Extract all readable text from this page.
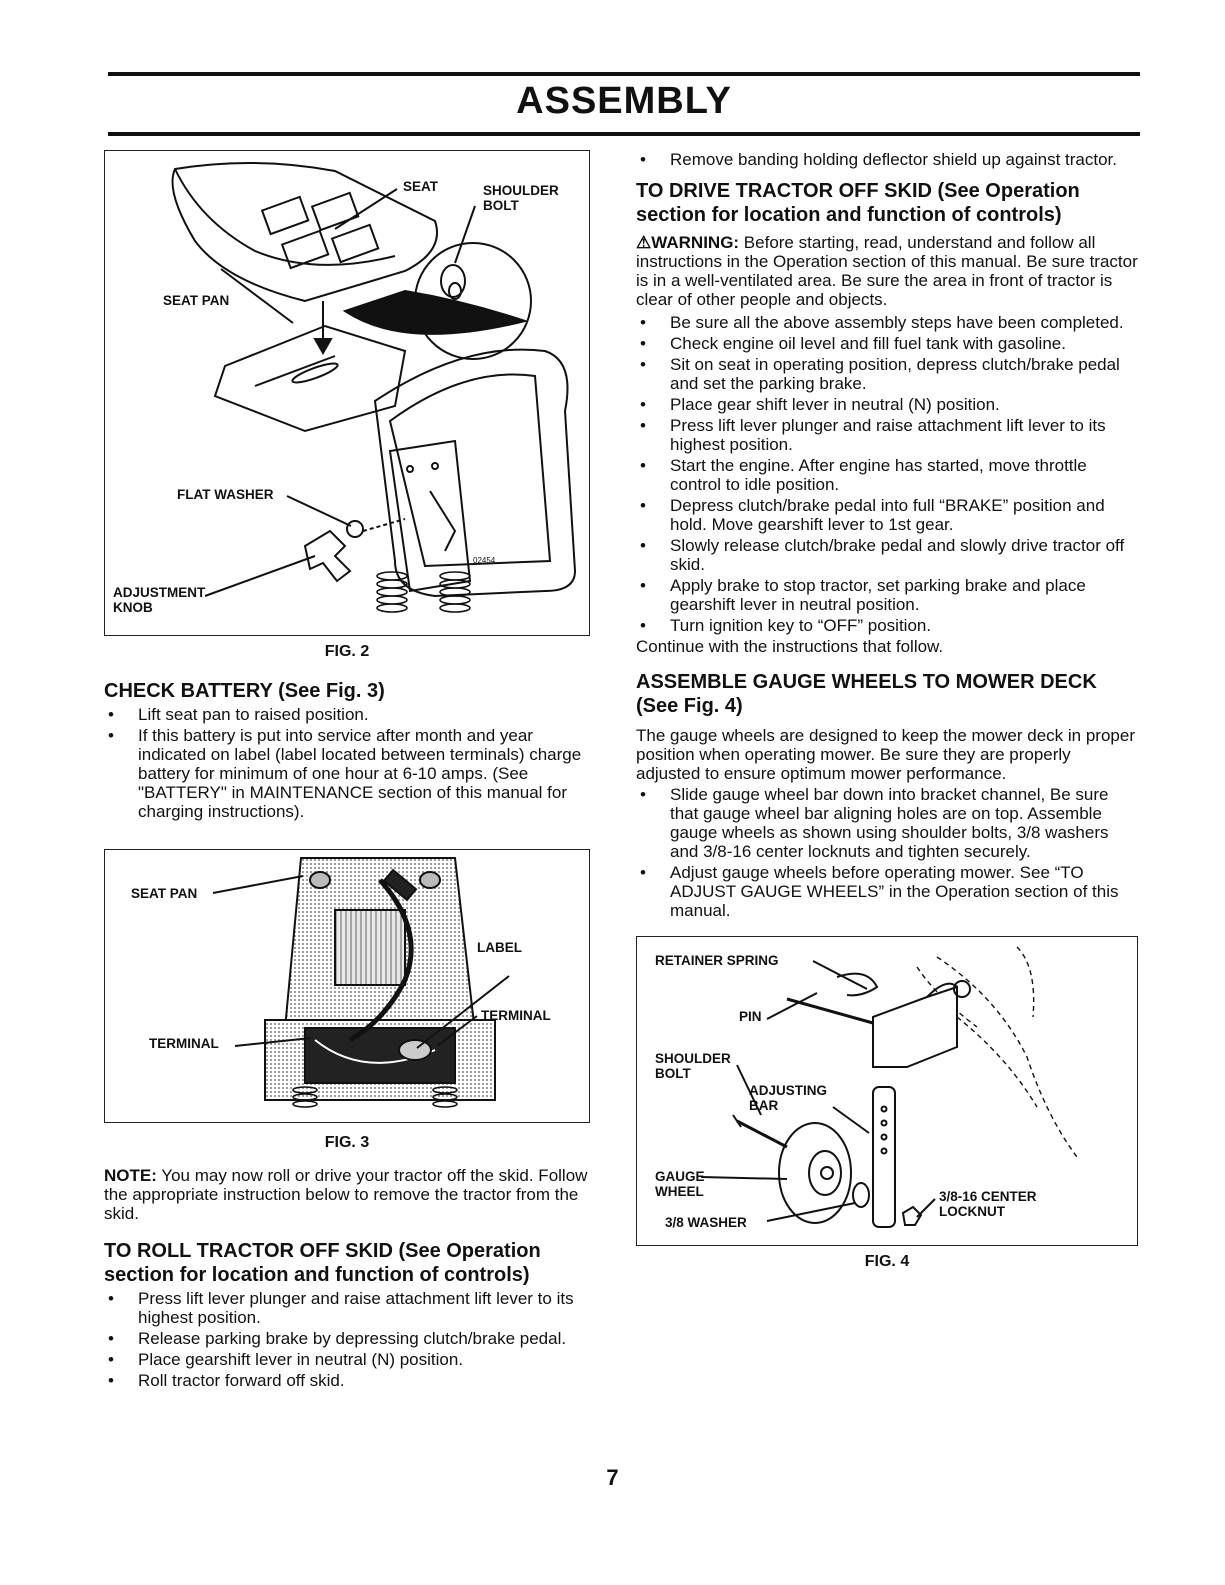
ASSEMBLY
SEAT	SHOULDER
BOLT
SEAT PAN
FLAT WASHER
ADJUSTMENT
KNOB
02454

FIG. 2

CHECK BATTERY (See Fig. 3)
• Lift seat pan to raised position.
• If this battery is put into service after month and year indicated on label (label located between terminals) charge battery for minimum of one hour at 6-10 amps. (See "BATTERY" in MAINTENANCE section of this manual for charging instructions).
SEAT PAN
LABEL
TERMINAL
TERMINAL

FIG. 3

NOTE: You may now roll or drive your tractor off the skid. Follow the appropriate instruction below to remove the tractor from the skid.

TO ROLL TRACTOR OFF SKID (See Operation section for location and function of controls)
• Press lift lever plunger and raise attachment lift lever to its highest position.
• Release parking brake by depressing clutch/brake pedal.
• Place gearshift lever in neutral (N) position.
• Roll tractor forward off skid.
• Remove banding holding deflector shield up against tractor.
TO DRIVE TRACTOR OFF SKID (See Operation section for location and function of controls)

⚠WARNING: Before starting, read, understand and follow all instructions in the Operation section of this manual. Be sure tractor is in a well-ventilated area. Be sure the area in front of tractor is clear of other people and objects.

• Be sure all the above assembly steps have been completed.
• Check engine oil level and fill fuel tank with gasoline.
• Sit on seat in operating position, depress clutch/brake pedal and set the parking brake.
• Place gear shift lever in neutral (N) position.
• Press lift lever plunger and raise attachment lift lever to its highest position.
• Start the engine. After engine has started, move throttle control to idle position.
• Depress clutch/brake pedal into full “BRAKE” position and hold. Move gearshift lever to 1st gear.
• Slowly release clutch/brake pedal and slowly drive tractor off skid.
• Apply brake to stop tractor, set parking brake and place gearshift lever in neutral position.
• Turn ignition key to “OFF” position.

Continue with the instructions that follow.

ASSEMBLE GAUGE WHEELS TO MOWER DECK (See Fig. 4)

The gauge wheels are designed to keep the mower deck in proper position when operating mower. Be sure they are properly adjusted to ensure optimum mower performance.

• Slide gauge wheel bar down into bracket channel, Be sure that gauge wheel bar aligning holes are on top. Assemble gauge wheels as shown using shoulder bolts, 3/8 washers and 3/8-16 center locknuts and tighten securely.
• Adjust gauge wheels before operating mower. See “TO ADJUST GAUGE WHEELS” in the Operation section of this manual.
RETAINER SPRING
PIN
SHOULDER
BOLT
ADJUSTING
BAR
GAUGE
WHEEL
3/8 WASHER
3/8-16 CENTER
LOCKNUT

FIG. 4

7
